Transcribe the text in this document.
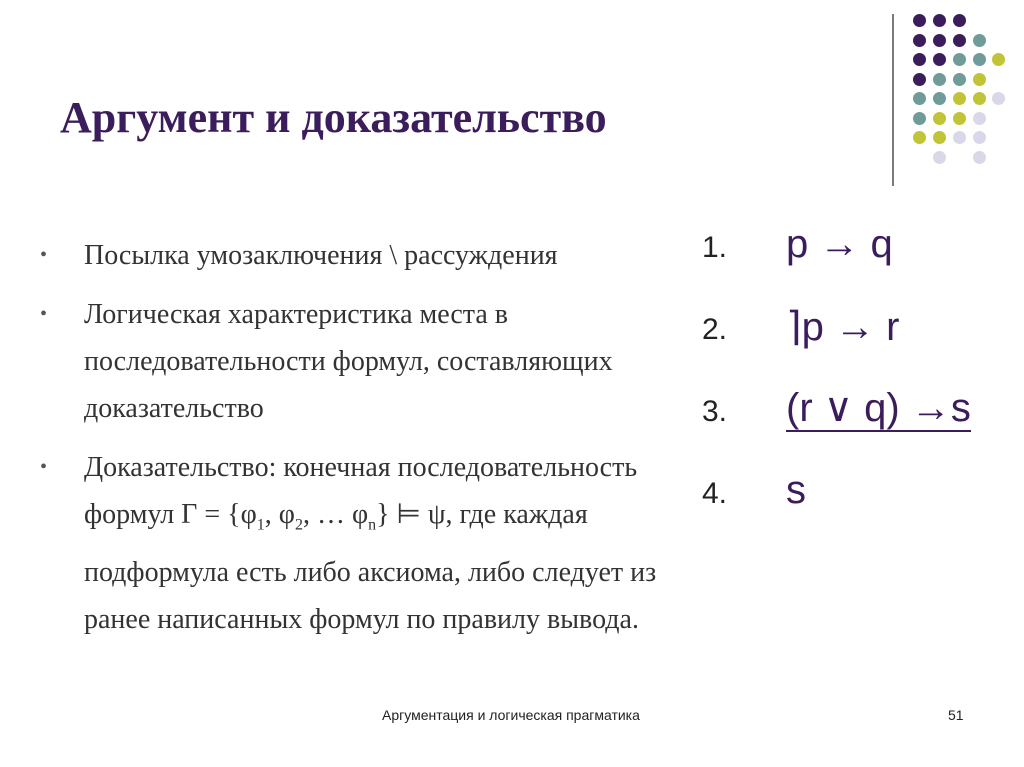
Аргумент и доказательство
• Посылка умозаключения \ рассуждения
• Логическая характеристика места в последовательности формул, составляющих доказательство
• Доказательство: конечная последовательность формул $\Gamma = \{\varphi_1$, $\varphi_2$, … $\varphi_n$} ⊨ ψ, где каждая подформула есть либо аксиома, либо следует из ранее написанных формул по правилу вывода.
1. p → q
2. ⌉p → r
3. (r ∨ q) →s
4. s
Аргументация и логическая прагматика	51
